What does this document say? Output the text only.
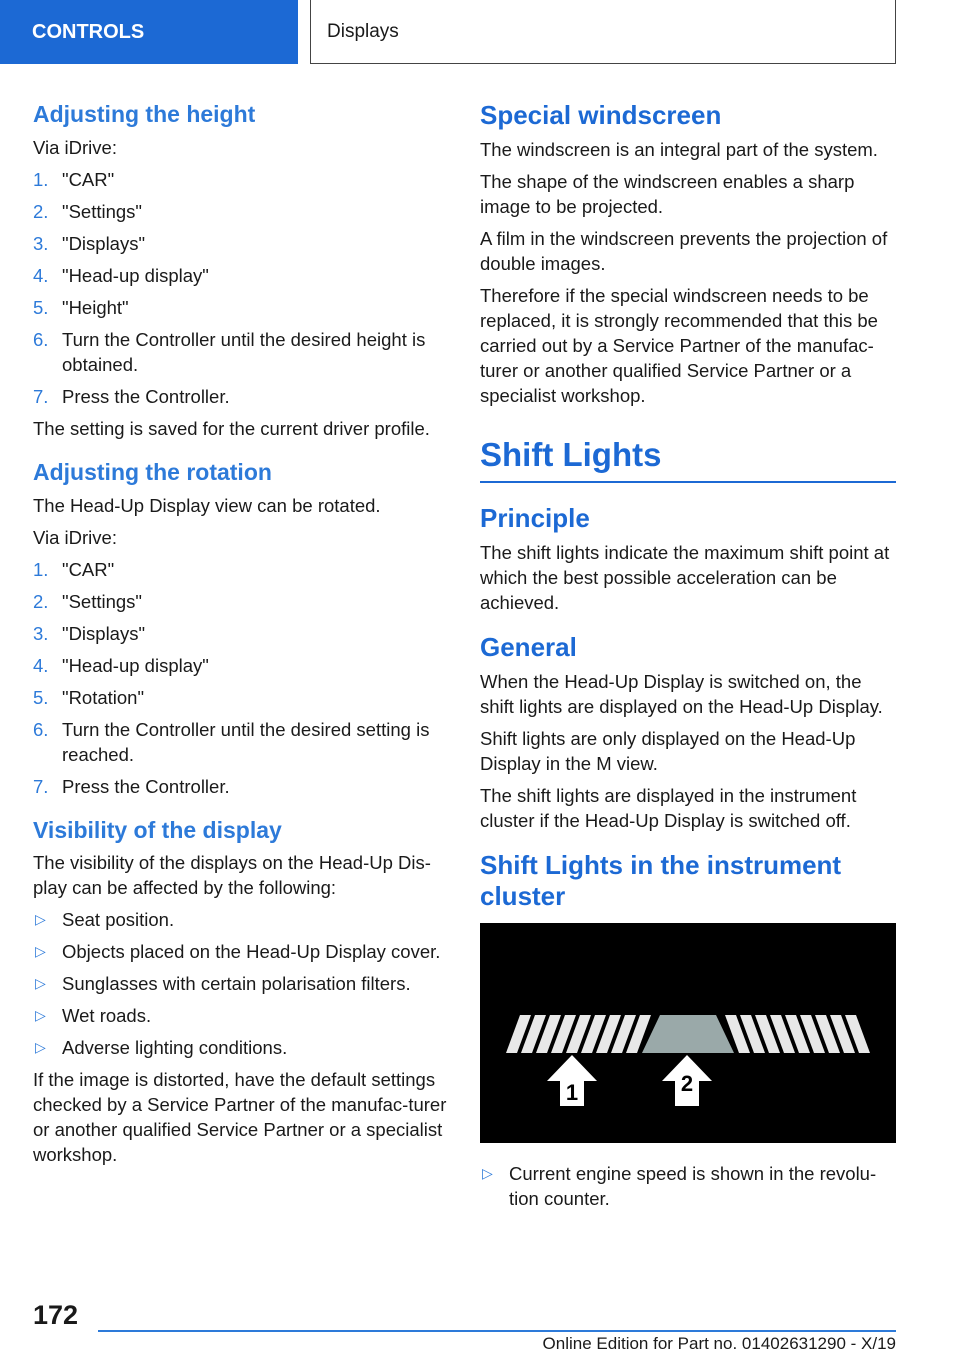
CONTROLS	Displays
Adjusting the height

Via iDrive:

1. "CAR"
2. "Settings"
3. "Displays"
4. "Head-up display"
5. "Height"
6. Turn the Controller until the desired height is obtained.
7. Press the Controller.

The setting is saved for the current driver profile.

Adjusting the rotation

The Head-Up Display view can be rotated.

Via iDrive:

1. "CAR"
2. "Settings"
3. "Displays"
4. "Head-up display"
5. "Rotation"
6. Turn the Controller until the desired setting is reached.
7. Press the Controller.
Visibility of the display

The visibility of the displays on the Head-Up Dis-play can be affected by the following:

▷ Seat position.
▷ Objects placed on the Head-Up Display cover.
▷ Sunglasses with certain polarisation filters.
▷ Wet roads.
▷ Adverse lighting conditions.

If the image is distorted, have the default settings checked by a Service Partner of the manufac-turer or another qualified Service Partner or a specialist workshop.

Special windscreen

The windscreen is an integral part of the system.

The shape of the windscreen enables a sharp image to be projected.

A film in the windscreen prevents the projection of double images.

Therefore if the special windscreen needs to be replaced, it is strongly recommended that this be carried out by a Service Partner of the manufac-turer or another qualified Service Partner or a specialist workshop.

Shift Lights
Principle

The shift lights indicate the maximum shift point at which the best possible acceleration can be achieved.

General

When the Head-Up Display is switched on, the shift lights are displayed on the Head-Up Display.

Shift lights are only displayed on the Head-Up Display in the M view.

The shift lights are displayed in the instrument cluster if the Head-Up Display is switched off.

Shift Lights in the instrument cluster
1	2
▷ Current engine speed is shown in the revolu-tion counter.
172
Online Edition for Part no. 01402631290 - X/19
